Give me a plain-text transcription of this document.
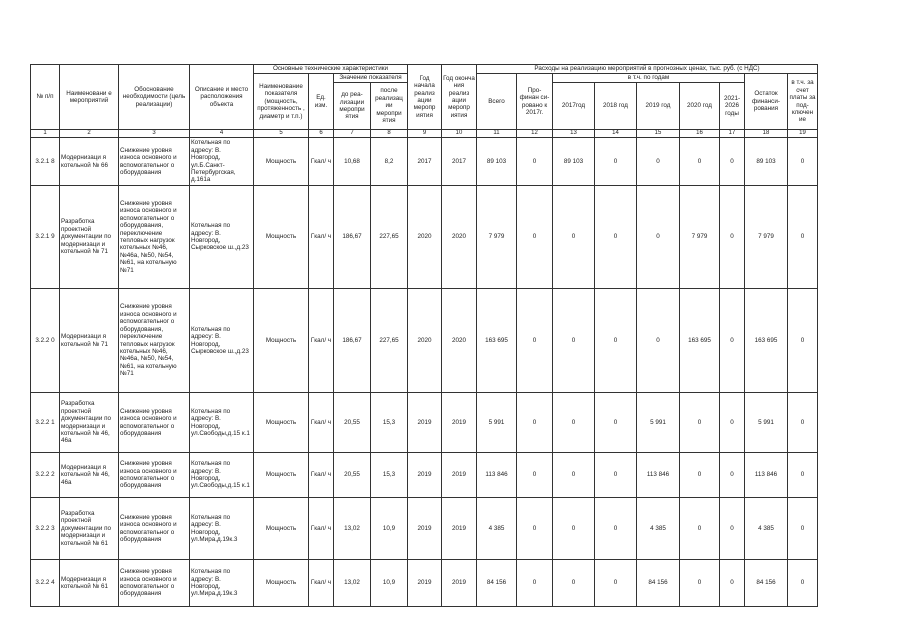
№ п/п	Наименовани е мероприятий	Обоснование необходимости (цель реализации)	Описание и место расположения объекта	Основные технические характеристики				Год начала реализ ации меропр иятия	Год оконча ния реализ ации меропр иятия	Расходы на реализацию мероприятий в прогнозных ценах, тыс. руб. (с НДС)								
				Наименование показателя (мощность, протяженность , диаметр и т.п.)	Ед. изм.	Значение показателя				Всего	Про- финан си- ровано к 2017г.	в т.ч. по годам					Остаток финанси- рования	в т.ч. за счет платы за под- ключен ие
						до реа- лизации меропри ятия	после реализац ии меропри ятия					2017год	2018 год	2019 год	2020 год	2021- 2026 годы		

1	2	3	4	5	6	7	8	9	10	11	12	13	14	15	16	17	18	19
3.2.1 8	Модернизаци я котельной № 66	Снижение уровня износа основного и вспомогательног о оборудования	Котельная по адресу: В. Новгород, ул.Б.Санкт- Петербургская, д.161а	Мощность	Гкал/ ч	10,68	8,2	2017	2017	89 103	0	89 103	0	0	0	0	89 103	0
3.2.1 9	Разработка проектной документации по модернизаци и котельной № 71	Снижение уровня износа основного и вспомогательног о оборудования, переключение тепловых нагрузок котельных №46, №46а, №50, №54, №61, на котельную №71	Котельная по адресу: В. Новгород, Сырковское ш.,д.23	Мощность	Гкал/ ч	186,67	227,65	2020	2020	7 979	0	0	0	0	7 979	0	7 979	0
3.2.2 0	Модернизаци я котельной № 71	Снижение уровня износа основного и вспомогательног о оборудования, переключение тепловых нагрузок котельных №46, №46а, №50, №54, №61, на котельную №71	Котельная по адресу: В. Новгород, Сырковское ш.,д.23	Мощность	Гкал/ ч	186,67	227,65	2020	2020	163 695	0	0	0	0	163 695	0	163 695	0
3.2.2 1	Разработка проектной документации по модернизаци и котельной № 46, 46а	Снижение уровня износа основного и вспомогательног о оборудования	Котельная по адресу: В. Новгород, ул.Свободы,д.15 к.1	Мощность	Гкал/ ч	20,55	15,3	2019	2019	5 991	0	0	0	5 991	0	0	5 991	0
3.2.2 2	Модернизаци я котельной № 46, 46а	Снижение уровня износа основного и вспомогательног о оборудования	Котельная по адресу: В. Новгород, ул.Свободы,д.15 к.1	Мощность	Гкал/ ч	20,55	15,3	2019	2019	113 846	0	0	0	113 846	0	0	113 846	0
3.2.2 3	Разработка проектной документации по модернизаци и котельной № 61	Снижение уровня износа основного и вспомогательног о оборудования	Котельная по адресу: В. Новгород, ул.Мира,д.19к.3	Мощность	Гкал/ ч	13,02	10,9	2019	2019	4 385	0	0	0	4 385	0	0	4 385	0
3.2.2 4	Модернизаци я котельной № 61	Снижение уровня износа основного и вспомогательног о оборудования	Котельная по адресу: В. Новгород, ул.Мира,д.19к.3	Мощность	Гкал/ ч	13,02	10,9	2019	2019	84 156	0	0	0	84 156	0	0	84 156	0
